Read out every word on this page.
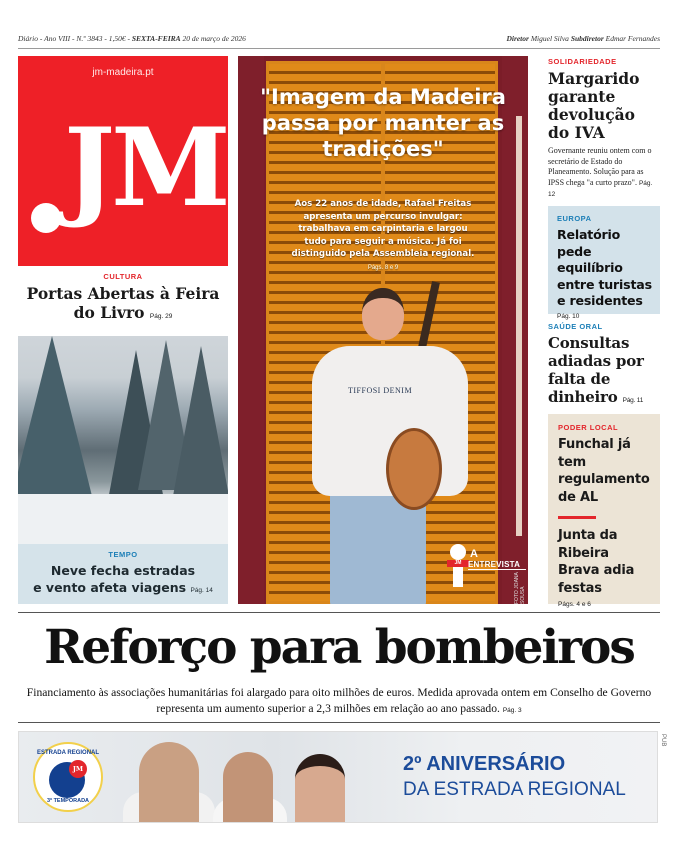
Diário - Ano VIII - N.º 3843 - 1,50€ - SEXTA-FEIRA 20 de março de 2026	Diretor Miguel Silva Subdiretor Edmar Fernandes
jm-madeira.pt
JM
CULTURA
Portas Abertas à Feira do Livro Pág. 29
TEMPO
Neve fecha estradas
e vento afeta viagens Pág. 14
TIFFOSI DENIM
"Imagem da Madeira passa por manter as tradições"
Aos 22 anos de idade, Rafael Freitas apresenta um percurso invulgar: trabalhava em carpintaria e largou tudo para seguir a música. Já foi distinguido pela Assembleia regional. Págs. 8 e 9
JM
A
ENTREVISTA
FOTO JOANA SOUSA
SOLIDARIEDADE
Margarido garante devolução do IVA
Governante reuniu ontem com o secretário de Estado do Planeamento. Solução para as IPSS chega "a curto prazo". Pág. 12
EUROPA
Relatório pede equilíbrio entre turistas e residentes
Pág. 10
SAÚDE ORAL
Consultas adiadas por falta de dinheiro Pág. 11
PODER LOCAL
Funchal já tem regulamento de AL
Junta da Ribeira Brava adia festas
Págs. 4 e 6
Reforço para bombeiros
Financiamento às associações humanitárias foi alargado para oito milhões de euros. Medida aprovada ontem em Conselho de Governo representa um aumento superior a 2,3 milhões em relação ao ano passado. Pág. 3
ESTRADA REGIONAL
JM
3ª TEMPORADA
2º ANIVERSÁRIO
DA ESTRADA REGIONAL
PUB
